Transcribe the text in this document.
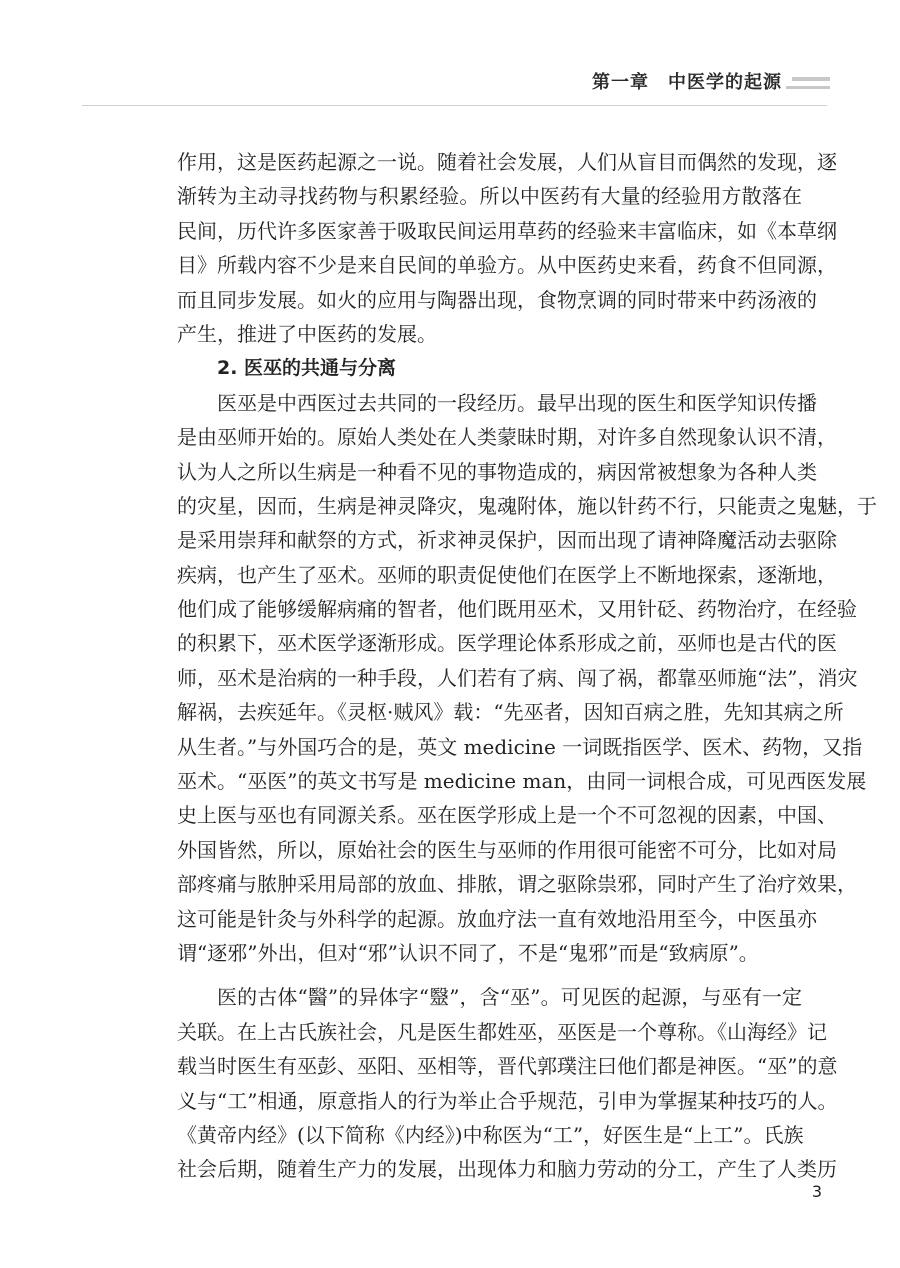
第一章　中医学的起源
作用，这是医药起源之一说。随着社会发展，人们从盲目而偶然的发现，逐
渐转为主动寻找药物与积累经验。所以中医药有大量的经验用方散落在
民间，历代许多医家善于吸取民间运用草药的经验来丰富临床，如《本草纲
目》所载内容不少是来自民间的单验方。从中医药史来看，药食不但同源，
而且同步发展。如火的应用与陶器出现，食物烹调的同时带来中药汤液的
产生，推进了中医药的发展。
2. 医巫的共通与分离
医巫是中西医过去共同的一段经历。最早出现的医生和医学知识传播
是由巫师开始的。原始人类处在人类蒙昧时期，对许多自然现象认识不清，
认为人之所以生病是一种看不见的事物造成的，病因常被想象为各种人类
的灾星，因而，生病是神灵降灾，鬼魂附体，施以针药不行，只能责之鬼魅，于
是采用崇拜和献祭的方式，祈求神灵保护，因而出现了请神降魔活动去驱除
疾病，也产生了巫术。巫师的职责促使他们在医学上不断地探索，逐渐地，
他们成了能够缓解病痛的智者，他们既用巫术，又用针砭、药物治疗，在经验
的积累下，巫术医学逐渐形成。医学理论体系形成之前，巫师也是古代的医
师，巫术是治病的一种手段，人们若有了病、闯了祸，都靠巫师施“法”，消灾
解祸，去疾延年。《灵枢·贼风》载：“先巫者，因知百病之胜，先知其病之所
从生者。”与外国巧合的是，英文 medicine 一词既指医学、医术、药物，又指
巫术。“巫医”的英文书写是 medicine man，由同一词根合成，可见西医发展
史上医与巫也有同源关系。巫在医学形成上是一个不可忽视的因素，中国、
外国皆然，所以，原始社会的医生与巫师的作用很可能密不可分，比如对局
部疼痛与脓肿采用局部的放血、排脓，谓之驱除祟邪，同时产生了治疗效果，
这可能是针灸与外科学的起源。放血疗法一直有效地沿用至今，中医虽亦
谓“逐邪”外出，但对“邪”认识不同了，不是“鬼邪”而是“致病原”。
医的古体“醫”的异体字“毉”，含“巫”。可见医的起源，与巫有一定
关联。在上古氏族社会，凡是医生都姓巫，巫医是一个尊称。《山海经》记
载当时医生有巫彭、巫阳、巫相等，晋代郭璞注曰他们都是神医。“巫”的意
义与“工”相通，原意指人的行为举止合乎规范，引申为掌握某种技巧的人。
《黄帝内经》(以下简称《内经》)中称医为“工”，好医生是“上工”。氏族
社会后期，随着生产力的发展，出现体力和脑力劳动的分工，产生了人类历
3
